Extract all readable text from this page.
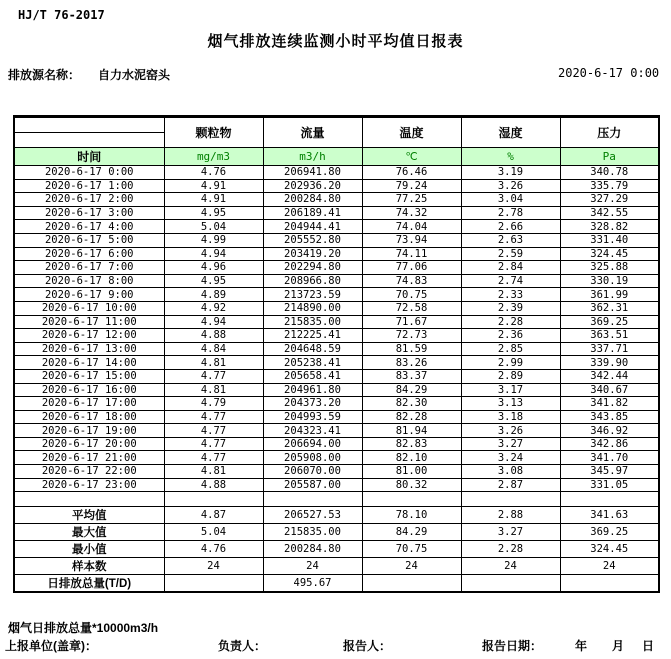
HJ/T 76-2017
烟气排放连续监测小时平均值日报表
排放源名称： 自力水泥窑头	2020-6-17 0:00
	颗粒物	流量	温度	湿度	压力

时间	mg/m3	m3/h	℃	%	Pa
2020-6-17 0:00	4.76	206941.80	76.46	3.19	340.78
2020-6-17 1:00	4.91	202936.20	79.24	3.26	335.79
2020-6-17 2:00	4.91	200284.80	77.25	3.04	327.29
2020-6-17 3:00	4.95	206189.41	74.32	2.78	342.55
2020-6-17 4:00	5.04	204944.41	74.04	2.66	328.82
2020-6-17 5:00	4.99	205552.80	73.94	2.63	331.40
2020-6-17 6:00	4.94	203419.20	74.11	2.59	324.45
2020-6-17 7:00	4.96	202294.80	77.06	2.84	325.88
2020-6-17 8:00	4.95	208966.80	74.83	2.74	330.19
2020-6-17 9:00	4.89	213723.59	70.75	2.33	361.99
2020-6-17 10:00	4.92	214890.00	72.58	2.39	362.31
2020-6-17 11:00	4.94	215835.00	71.67	2.28	369.25
2020-6-17 12:00	4.88	212225.41	72.73	2.36	363.51
2020-6-17 13:00	4.84	204648.59	81.59	2.85	337.71
2020-6-17 14:00	4.81	205238.41	83.26	2.99	339.90
2020-6-17 15:00	4.77	205658.41	83.37	2.89	342.44
2020-6-17 16:00	4.81	204961.80	84.29	3.17	340.67
2020-6-17 17:00	4.79	204373.20	82.30	3.13	341.82
2020-6-17 18:00	4.77	204993.59	82.28	3.18	343.85
2020-6-17 19:00	4.77	204323.41	81.94	3.26	346.92
2020-6-17 20:00	4.77	206694.00	82.83	3.27	342.86
2020-6-17 21:00	4.77	205908.00	82.10	3.24	341.70
2020-6-17 22:00	4.81	206070.00	81.00	3.08	345.97
2020-6-17 23:00	4.88	205587.00	80.32	2.87	331.05

平均值	4.87	206527.53	78.10	2.88	341.63
最大值	5.04	215835.00	84.29	3.27	369.25
最小值	4.76	200284.80	70.75	2.28	324.45
样本数	24	24	24	24	24
日排放总量(T/D)		495.67			
烟气日排放总量*10000m3/h
上报单位(盖章)：	负责人：	报告人：	报告日期：	年 月 日
